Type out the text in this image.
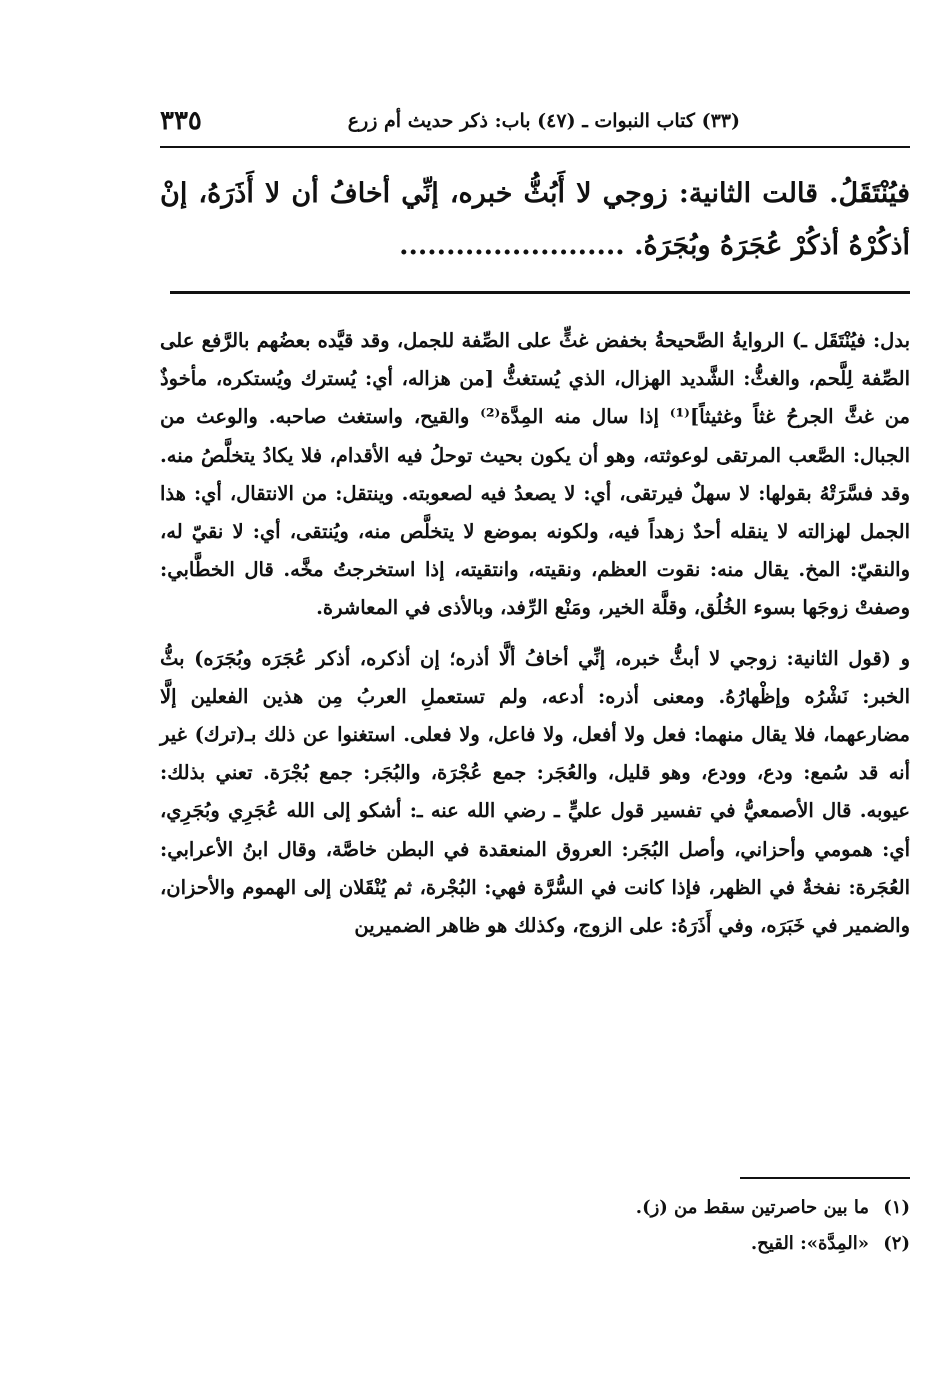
(٣٣) كتاب النبوات ـ (٤٧) باب: ذكر حديث أم زرع
٣٣٥
فيُنْتَقَلُ. قالت الثانية: زوجي لا أَبُثُّ خبره، إنِّي أخافُ أن لا أَذَرَهُ، إنْ أذكُرْهُ أذكُرْ عُجَرَهُ وبُجَرَهُ. ........................

بدل: فيُنْتَقَل ـ) الروايةُ الصَّحيحةُ بخفض غثٍّ على الصِّفة للجمل، وقد قيَّده بعضُهم بالرَّفع على الصِّفة لِلَّحم، والغثُّ: الشَّديد الهزال، الذي يُستغثُّ [من هزاله، أي: يُسترك ويُستكره، مأخوذٌ من غثَّ الجرحُ غثاً وغثيثاً]⁽¹⁾ إذا سال منه المِدَّة⁽²⁾ والقيح، واستغث صاحبه. والوعث من الجبال: الصَّعب المرتقى لوعوثته، وهو أن يكون بحيث توحلُ فيه الأقدام، فلا يكادُ يتخلَّصُ منه. وقد فسَّرَتْهُ بقولها: لا سهلٌ فيرتقى، أي: لا يصعدُ فيه لصعوبته. وينتقل: من الانتقال، أي: هذا الجمل لهزالته لا ينقله أحدٌ زهداً فيه، ولكونه بموضع لا يتخلَّص منه، ويُنتقى، أي: لا نقيّ له، والنقيّ: المخ. يقال منه: نقوت العظم، ونقيته، وانتقيته، إذا استخرجتُ مخَّه. قال الخطَّابي: وصفتْ زوجَها بسوء الخُلُق، وقلَّة الخير، ومَنْع الرِّفد، وبالأذى في المعاشرة.

و (قول الثانية: زوجي لا أبثُّ خبره، إنِّي أخافُ ألَّا أذره؛ إن أذكره، أذكر عُجَرَه وبُجَرَه) بثُّ الخبر: نَشْرُه وإظْهارُهُ. ومعنى أذره: أدعه، ولم تستعملِ العربُ مِن هذين الفعلين إلَّا مضارعهما، فلا يقال منهما: فعل ولا أفعل، ولا فاعل، ولا فعلى. استغنوا عن ذلك بـ(ترك) غير أنه قد سُمع: ودع، وودع، وهو قليل، والعُجَر: جمع عُجْرَة، والبُجَر: جمع بُجْرَة. تعني بذلك: عيوبه. قال الأصمعيُّ في تفسير قول عليٍّ ـ رضي الله عنه ـ: أشكو إلى الله عُجَرِي وبُجَرِي، أي: همومي وأحزاني، وأصل البُجَر: العروق المنعقدة في البطن خاصَّة، وقال ابنُ الأعرابي: العُجَرة: نفخةٌ في الظهر، فإذا كانت في السُّرَّة فهي: البُجْرة، ثم يُنْقَلان إلى الهموم والأحزان، والضمير في خَبَرَه، وفي أَذَرَهُ: على الزوج، وكذلك هو ظاهر الضميرين

(١) ما بين حاصرتين سقط من (ز).
(٢) «المِدَّة»: القيح.
